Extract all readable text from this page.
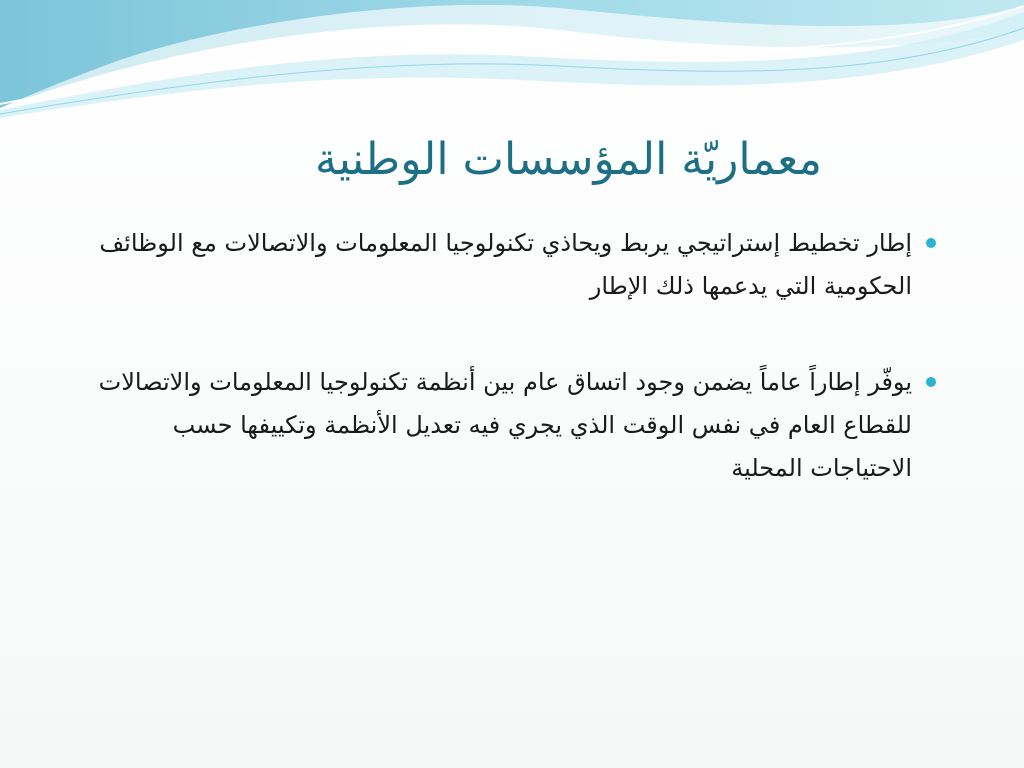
معماريّة المؤسسات الوطنية
إطار تخطيط إستراتيجي يربط ويحاذي تكنولوجيا المعلومات والاتصالات مع الوظائف الحكومية التي يدعمها ذلك الإطار
يوفّر إطاراً عاماً يضمن وجود اتساق عام بين أنظمة تكنولوجيا المعلومات والاتصالات للقطاع العام في نفس الوقت الذي يجري فيه تعديل الأنظمة وتكييفها حسب الاحتياجات المحلية
